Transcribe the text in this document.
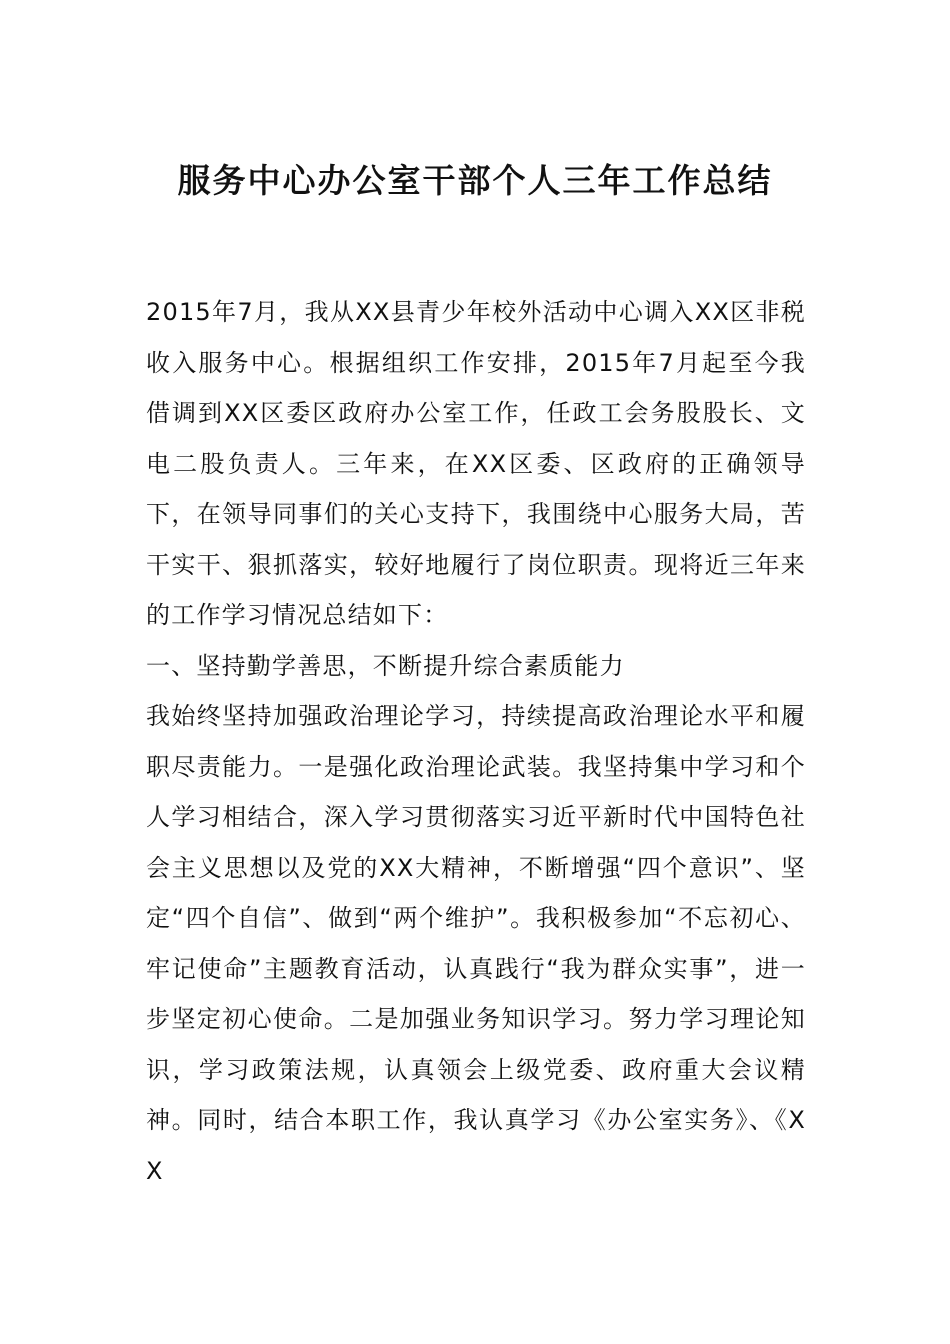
服务中心办公室干部个人三年工作总结

2015年7月，我从XX县青少年校外活动中心调入XX区非税收入服务中心。根据组织工作安排，2015年7月起至今我借调到XX区委区政府办公室工作，任政工会务股股长、文电二股负责人。三年来，在XX区委、区政府的正确领导下，在领导同事们的关心支持下，我围绕中心服务大局，苦干实干、狠抓落实，较好地履行了岗位职责。现将近三年来的工作学习情况总结如下：

一、坚持勤学善思，不断提升综合素质能力

我始终坚持加强政治理论学习，持续提高政治理论水平和履职尽责能力。一是强化政治理论武装。我坚持集中学习和个人学习相结合，深入学习贯彻落实习近平新时代中国特色社会主义思想以及党的XX大精神，不断增强“四个意识”、坚定“四个自信”、做到“两个维护”。我积极参加“不忘初心、牢记使命”主题教育活动，认真践行“我为群众实事”，进一步坚定初心使命。二是加强业务知识学习。努力学习理论知识，学习政策法规，认真领会上级党委、政府重大会议精神。同时，结合本职工作，我认真学习《办公室实务》、《XX
